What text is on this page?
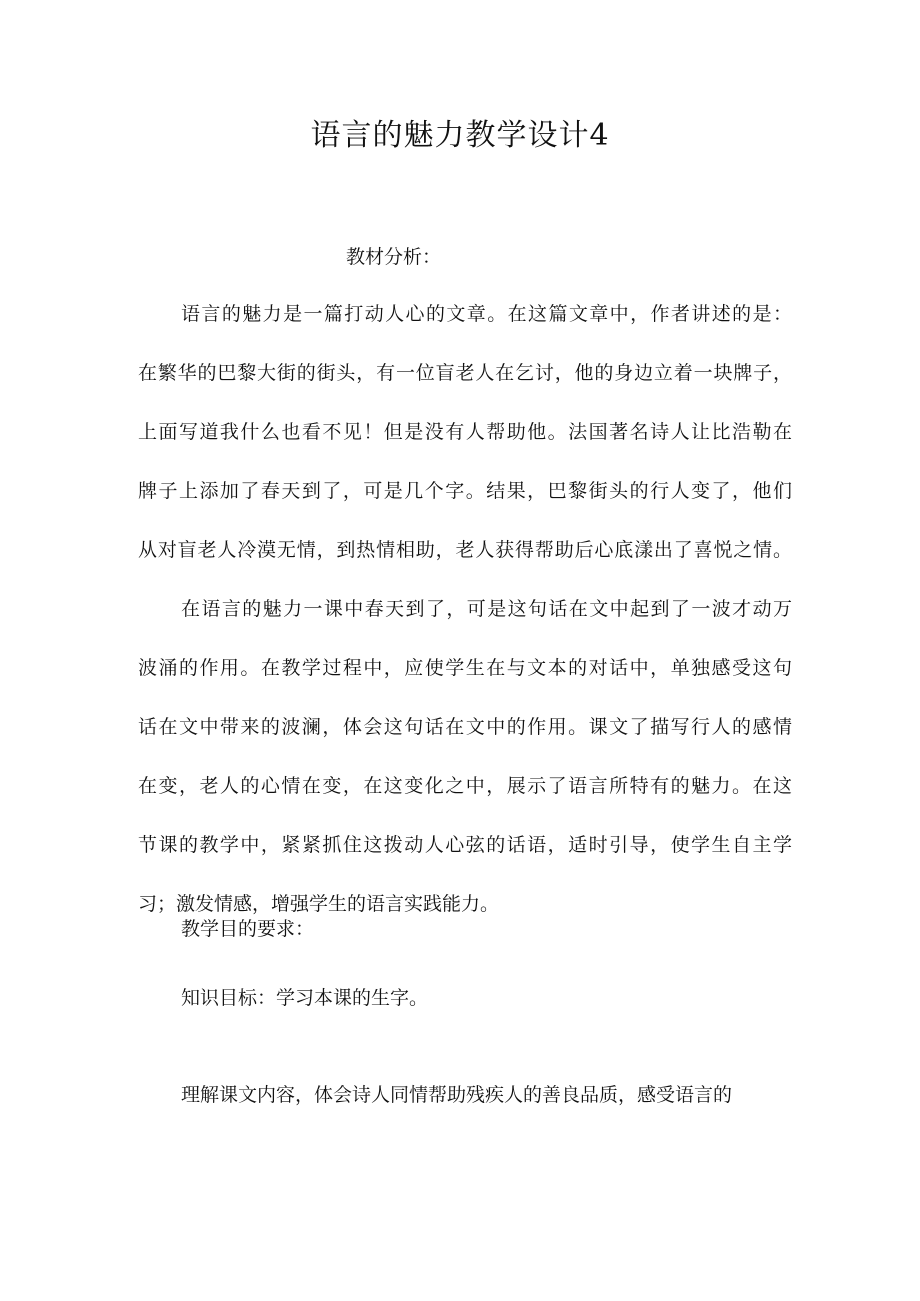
语言的魅力教学设计4
教材分析：
语言的魅力是一篇打动人心的文章。在这篇文章中，作者讲述的是：
在繁华的巴黎大街的街头，有一位盲老人在乞讨，他的身边立着一块牌子，
上面写道我什么也看不见！但是没有人帮助他。法国著名诗人让比浩勒在
牌子上添加了春天到了，可是几个字。结果，巴黎街头的行人变了，他们
从对盲老人冷漠无情，到热情相助，老人获得帮助后心底漾出了喜悦之情。
在语言的魅力一课中春天到了，可是这句话在文中起到了一波才动万
波涌的作用。在教学过程中，应使学生在与文本的对话中，单独感受这句
话在文中带来的波澜，体会这句话在文中的作用。课文了描写行人的感情
在变，老人的心情在变，在这变化之中，展示了语言所特有的魅力。在这
节课的教学中，紧紧抓住这拨动人心弦的话语，适时引导，使学生自主学
习；激发情感，增强学生的语言实践能力。
教学目的要求：
知识目标：学习本课的生字。
理解课文内容，体会诗人同情帮助残疾人的善良品质，感受语言的
